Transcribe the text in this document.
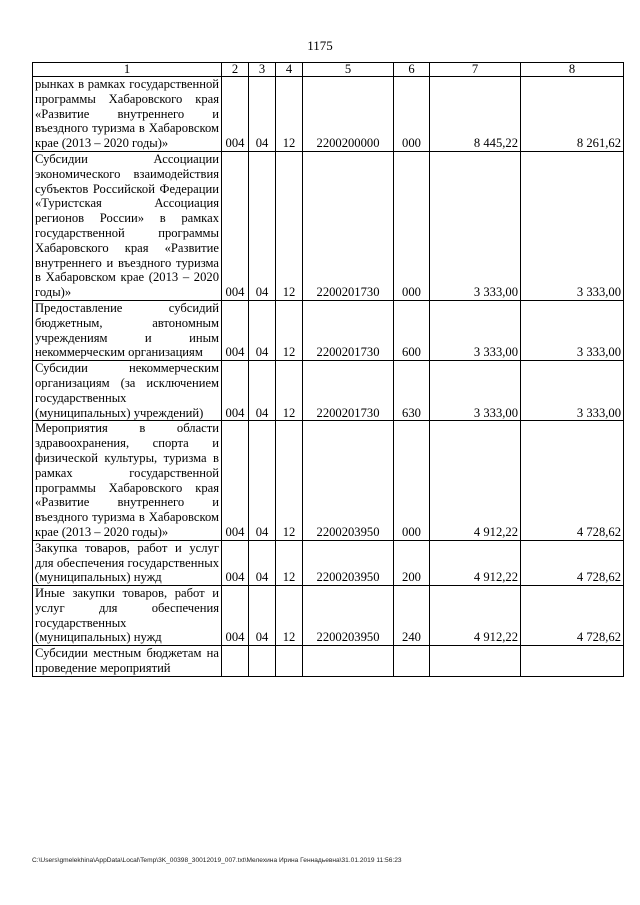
1175
1	2	3	4	5	6	7	8
рынках в рамках государственной программы Хабаровского края «Развитие внутреннего и въездного туризма в Хабаровском крае (2013 – 2020 годы)»	004	04	12	2200200000	000	8 445,22	8 261,62
Субсидии Ассоциации экономического взаимодействия субъектов Российской Федерации «Туристская Ассоциация регионов России» в рамках государственной программы Хабаровского края «Развитие внутреннего и въездного туризма в Хабаровском крае (2013 – 2020 годы)»	004	04	12	2200201730	000	3 333,00	3 333,00
Предоставление субсидий бюджетным, автономным учреждениям и иным некоммерческим организациям	004	04	12	2200201730	600	3 333,00	3 333,00
Субсидии некоммерческим организациям (за исключением государственных (муниципальных) учреждений)	004	04	12	2200201730	630	3 333,00	3 333,00
Мероприятия в области здравоохранения, спорта и физической культуры, туризма в рамках государственной программы Хабаровского края «Развитие внутреннего и въездного туризма в Хабаровском крае (2013 – 2020 годы)»	004	04	12	2200203950	000	4 912,22	4 728,62
Закупка товаров, работ и услуг для обеспечения государственных (муниципальных) нужд	004	04	12	2200203950	200	4 912,22	4 728,62
Иные закупки товаров, работ и услуг для обеспечения государственных (муниципальных) нужд	004	04	12	2200203950	240	4 912,22	4 728,62
Субсидии местным бюджетам на проведение мероприятий							
C:\Users\gmelekhina\AppData\Local\Temp\3K_00398_30012019_007.txt\Мелехина Ирина Геннадьевна\31.01.2019 11:56:23
